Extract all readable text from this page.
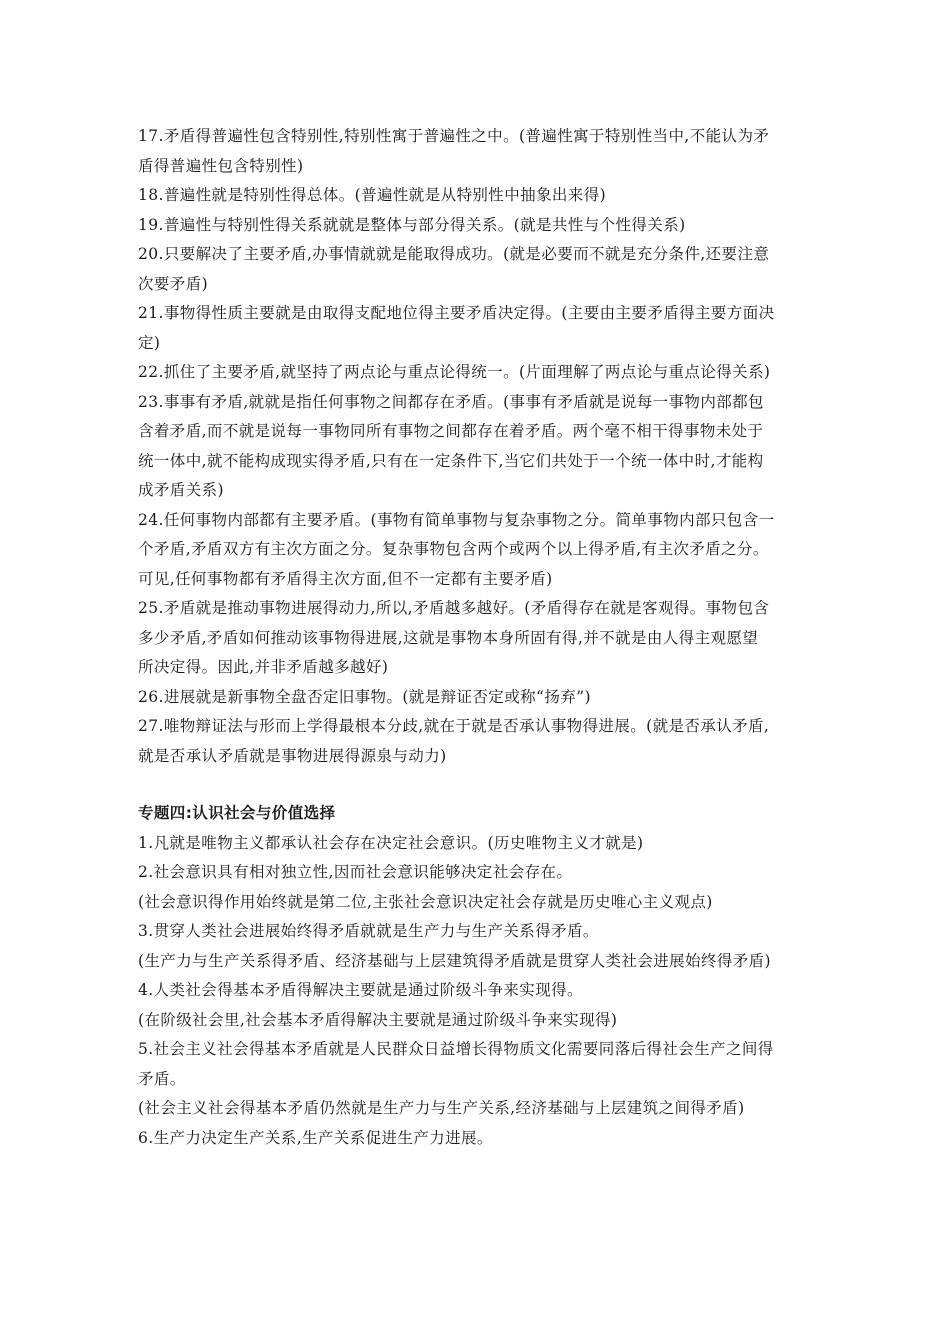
17.矛盾得普遍性包含特别性,特别性寓于普遍性之中。(普遍性寓于特别性当中,不能认为矛
盾得普遍性包含特别性)
18.普遍性就是特别性得总体。(普遍性就是从特别性中抽象出来得)
19.普遍性与特别性得关系就就是整体与部分得关系。(就是共性与个性得关系)
20.只要解决了主要矛盾,办事情就就是能取得成功。(就是必要而不就是充分条件,还要注意
次要矛盾)
21.事物得性质主要就是由取得支配地位得主要矛盾决定得。(主要由主要矛盾得主要方面决
定)
22.抓住了主要矛盾,就坚持了两点论与重点论得统一。(片面理解了两点论与重点论得关系)
23.事事有矛盾,就就是指任何事物之间都存在矛盾。(事事有矛盾就是说每一事物内部都包
含着矛盾,而不就是说每一事物同所有事物之间都存在着矛盾。两个毫不相干得事物未处于
统一体中,就不能构成现实得矛盾,只有在一定条件下,当它们共处于一个统一体中时,才能构
成矛盾关系)
24.任何事物内部都有主要矛盾。(事物有简单事物与复杂事物之分。简单事物内部只包含一
个矛盾,矛盾双方有主次方面之分。复杂事物包含两个或两个以上得矛盾,有主次矛盾之分。
可见,任何事物都有矛盾得主次方面,但不一定都有主要矛盾)
25.矛盾就是推动事物进展得动力,所以,矛盾越多越好。(矛盾得存在就是客观得。事物包含
多少矛盾,矛盾如何推动该事物得进展,这就是事物本身所固有得,并不就是由人得主观愿望
所决定得。因此,并非矛盾越多越好)
26.进展就是新事物全盘否定旧事物。(就是辩证否定或称“扬弃”)
27.唯物辩证法与形而上学得最根本分歧,就在于就是否承认事物得进展。(就是否承认矛盾,
就是否承认矛盾就是事物进展得源泉与动力)
专题四:认识社会与价值选择
1.凡就是唯物主义都承认社会存在决定社会意识。(历史唯物主义才就是)
2.社会意识具有相对独立性,因而社会意识能够决定社会存在。
(社会意识得作用始终就是第二位,主张社会意识决定社会存就是历史唯心主义观点)
3.贯穿人类社会进展始终得矛盾就就是生产力与生产关系得矛盾。
(生产力与生产关系得矛盾、经济基础与上层建筑得矛盾就是贯穿人类社会进展始终得矛盾)
4.人类社会得基本矛盾得解决主要就是通过阶级斗争来实现得。
(在阶级社会里,社会基本矛盾得解决主要就是通过阶级斗争来实现得)
5.社会主义社会得基本矛盾就是人民群众日益增长得物质文化需要同落后得社会生产之间得
矛盾。
(社会主义社会得基本矛盾仍然就是生产力与生产关系,经济基础与上层建筑之间得矛盾)
6.生产力决定生产关系,生产关系促进生产力进展。
